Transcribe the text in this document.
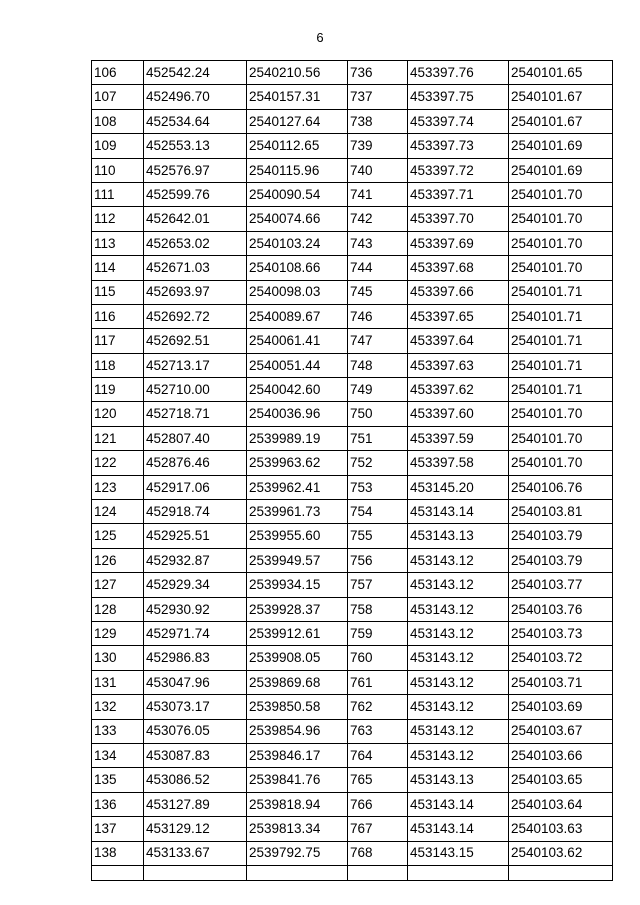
6
106	452542.24	2540210.56	736	453397.76	2540101.65
107	452496.70	2540157.31	737	453397.75	2540101.67
108	452534.64	2540127.64	738	453397.74	2540101.67
109	452553.13	2540112.65	739	453397.73	2540101.69
110	452576.97	2540115.96	740	453397.72	2540101.69
111	452599.76	2540090.54	741	453397.71	2540101.70
112	452642.01	2540074.66	742	453397.70	2540101.70
113	452653.02	2540103.24	743	453397.69	2540101.70
114	452671.03	2540108.66	744	453397.68	2540101.70
115	452693.97	2540098.03	745	453397.66	2540101.71
116	452692.72	2540089.67	746	453397.65	2540101.71
117	452692.51	2540061.41	747	453397.64	2540101.71
118	452713.17	2540051.44	748	453397.63	2540101.71
119	452710.00	2540042.60	749	453397.62	2540101.71
120	452718.71	2540036.96	750	453397.60	2540101.70
121	452807.40	2539989.19	751	453397.59	2540101.70
122	452876.46	2539963.62	752	453397.58	2540101.70
123	452917.06	2539962.41	753	453145.20	2540106.76
124	452918.74	2539961.73	754	453143.14	2540103.81
125	452925.51	2539955.60	755	453143.13	2540103.79
126	452932.87	2539949.57	756	453143.12	2540103.79
127	452929.34	2539934.15	757	453143.12	2540103.77
128	452930.92	2539928.37	758	453143.12	2540103.76
129	452971.74	2539912.61	759	453143.12	2540103.73
130	452986.83	2539908.05	760	453143.12	2540103.72
131	453047.96	2539869.68	761	453143.12	2540103.71
132	453073.17	2539850.58	762	453143.12	2540103.69
133	453076.05	2539854.96	763	453143.12	2540103.67
134	453087.83	2539846.17	764	453143.12	2540103.66
135	453086.52	2539841.76	765	453143.13	2540103.65
136	453127.89	2539818.94	766	453143.14	2540103.64
137	453129.12	2539813.34	767	453143.14	2540103.63
138	453133.67	2539792.75	768	453143.15	2540103.62
